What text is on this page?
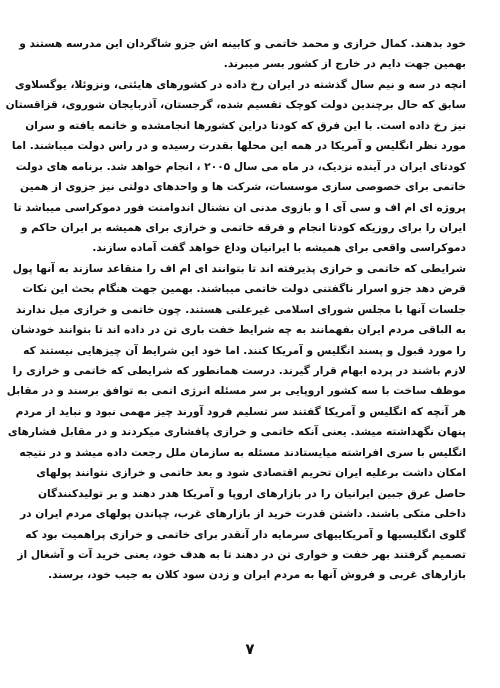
خود بدهند. کمال خرازی و محمد خاتمی و کابینه اش جزو شاگردان این مدرسه هستند و
بهمین جهت دایم در خارج از کشور بسر میبرند.
انچه در سه و نیم سال گذشته در ایران رخ داده در کشورهای هایئتی، ونزوئلا، یوگسلاوی
سابق که حال برچندین دولت کوچک تقسیم شده، گرجستان، آذربایجان شوروی، قزاقستان
نیز رخ داده است. با این فرق که کودتا دراین کشورها انجامشده و خاتمه یافته و سران
مورد نظر انگلیس و آمریکا در همه این محلها بقدرت رسیده و در راس دولت میباشند. اما
کودتای ایران در آینده نزدیک، در ماه می سال ۲۰۰۵ ، انجام خواهد شد. برنامه های دولت
خاتمی برای خصوصی سازی موسسات، شرکت ها و واحدهای دولتی نیز جزوی از همین
پروژه ای ام اف و سی آی ا و بازوی مدنی ان نشنال اندوامنت فور دموکراسی میباشد تا
ایران را برای روزیکه کودتا انجام و فرقه خاتمی و خرازی برای همیشه بر ایران حاکم و
دموکراسی واقعی برای همیشه با ایرانیان وداع خواهد گفت آماده سازند.
شرایطی که خاتمی و خرازی پذیرفته اند تا بتوانند ای ام اف را متقاعد سازند به آنها پول
قرض دهد جزو اسرار ناگفتنی دولت خاتمی میباشند. بهمین جهت هنگام بحث این نکات
جلسات آنها با مجلس شورای اسلامی غیرعلنی هستند. چون خاتمی و خرازی میل ندارند
به الباقی مردم ایران بفهمانند به چه شرایط خفت باری تن در داده اند تا بتوانند خودشان
را مورد قبول و پسند انگلیس و آمریکا کنند. اما خود این شرایط آن چیزهایی نیستند که
لازم باشند در پرده ابهام قرار گیرند. درست همانطور که شرایطی که خاتمی و خرازی را
موظف ساخت با سه کشور اروپایی بر سر مسئله انرژی اتمی به توافق برسند و در مقابل
هر آنچه که انگلیس و آمریکا گفتند سر تسلیم فرود آورند چیز مهمی نبود و نباید از مردم
پنهان نگهداشته میشد. یعنی آنکه خاتمی و خرازی پافشاری میکردند و در مقابل فشارهای
انگلیس با سری افراشته میایستادند مسئله به سازمان ملل رجعت داده میشد و در نتیجه
امکان داشت برعلیه ایران تحریم اقتصادی شود و بعد خاتمی و خرازی نتوانند پولهای
حاصل عرق جبین ایرانیان را در بازارهای اروپا و آمریکا هدر دهند و بر تولیدکنندگان
داخلی متکی باشند. داشتن قدرت خرید از بازارهای غرب، چپاندن پولهای مردم ایران در
گلوی انگلیسیها و آمریکاییهای سرمایه دار آنقدر برای خاتمی و خرازی پراهمیت بود که
تصمیم گرفتند بهر خفت و خواری تن در دهند تا به هدف خود، یعنی خرید آت و آشغال از
بازارهای غربی و فروش آنها به مردم ایران و زدن سود کلان به جیب خود، برسند.
۷
